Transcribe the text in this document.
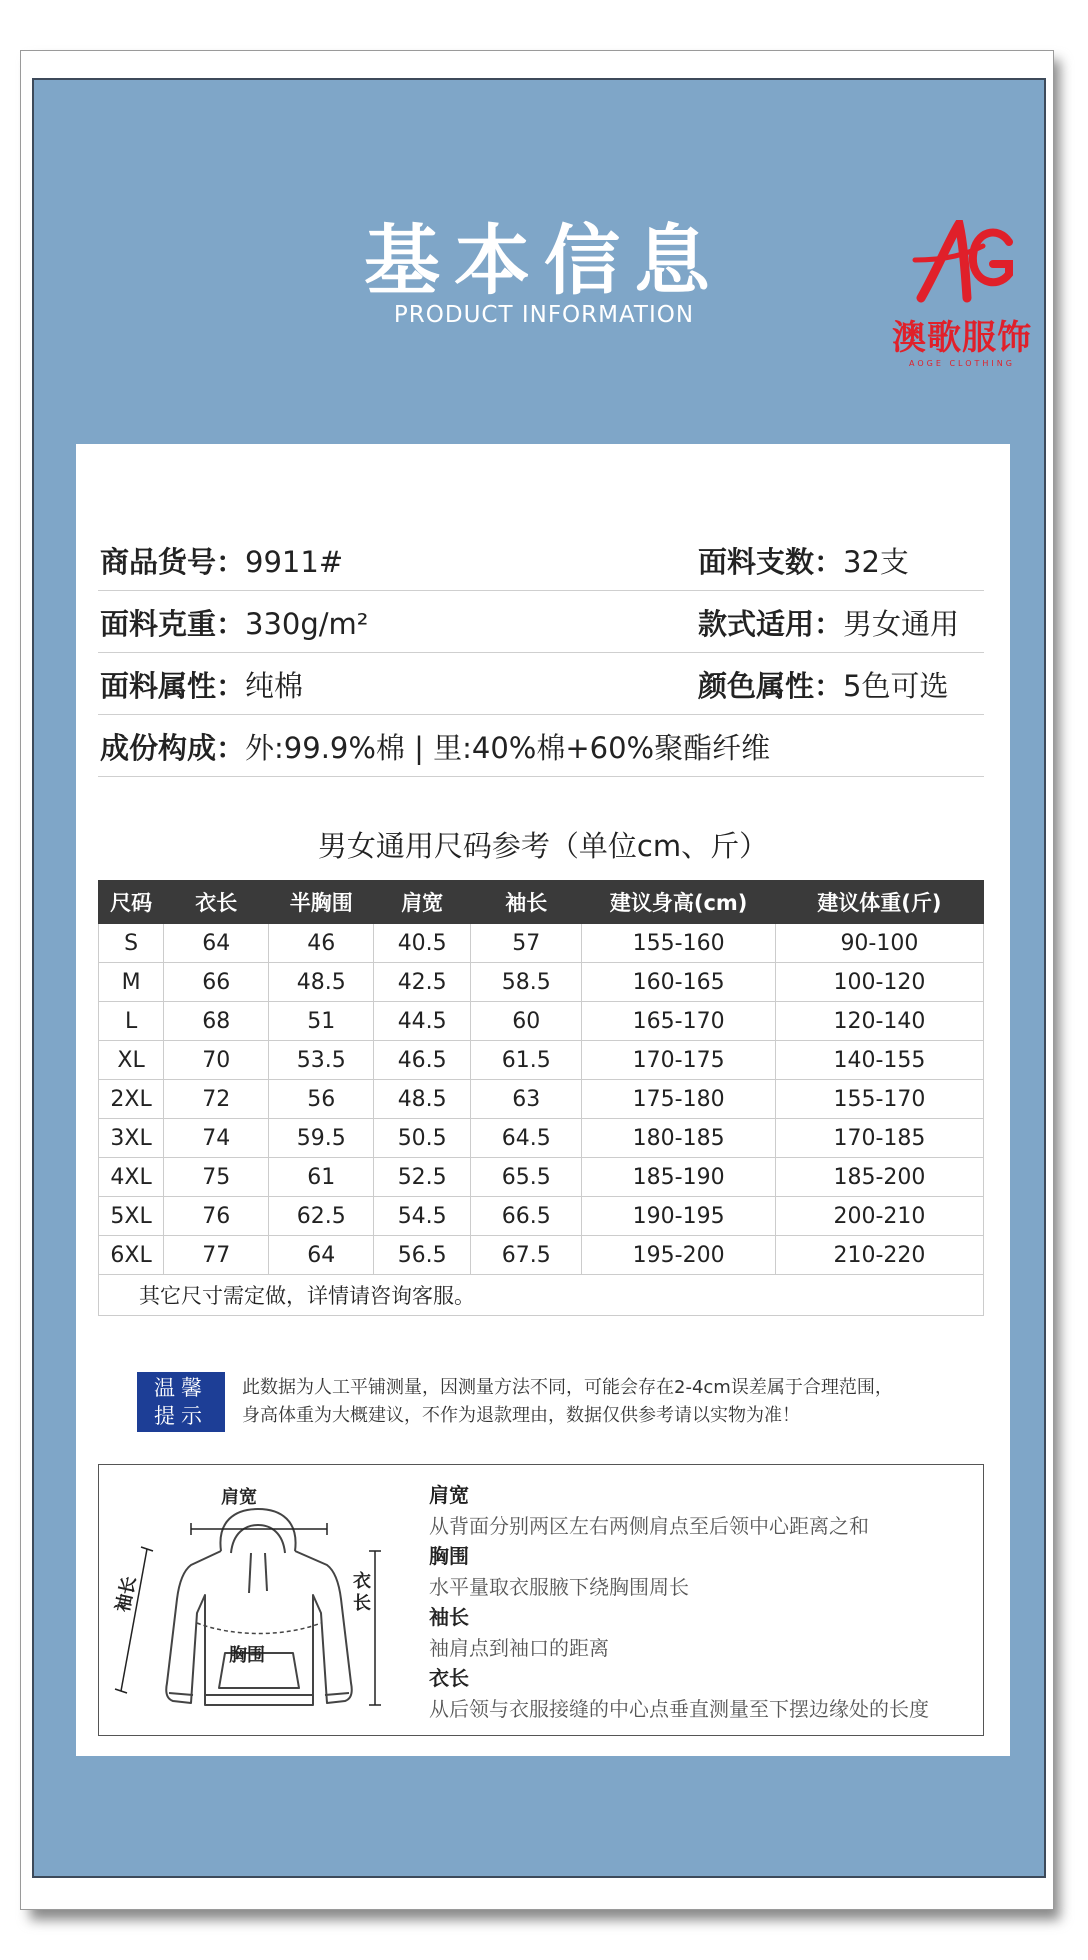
基本信息
PRODUCT INFORMATION
澳歌服饰
AOGE CLOTHING
商品货号：9911#	面料支数：32支
面料克重：330g/m²	款式适用：男女通用
面料属性：纯棉	颜色属性：5色可选
成份构成：外:99.9%棉 | 里:40%棉+60%聚酯纤维
男女通用尺码参考（单位cm、斤）
尺码	衣长	半胸围	肩宽	袖长	建议身高(cm)	建议体重(斤)
S	64	46	40.5	57	155-160	90-100
M	66	48.5	42.5	58.5	160-165	100-120
L	68	51	44.5	60	165-170	120-140
XL	70	53.5	46.5	61.5	170-175	140-155
2XL	72	56	48.5	63	175-180	155-170
3XL	74	59.5	50.5	64.5	180-185	170-185
4XL	75	61	52.5	65.5	185-190	185-200
5XL	76	62.5	54.5	66.5	190-195	200-210
6XL	77	64	56.5	67.5	195-200	210-220
其它尺寸需定做，详情请咨询客服。						
温馨
提示
此数据为人工平铺测量，因测量方法不同，可能会存在2-4cm误差属于合理范围，
身高体重为大概建议，不作为退款理由，数据仅供参考请以实物为准！
肩宽
袖长	衣长
胸围
肩宽
从背面分别两区左右两侧肩点至后领中心距离之和
胸围
水平量取衣服腋下绕胸围周长
袖长
袖肩点到袖口的距离
衣长
从后领与衣服接缝的中心点垂直测量至下摆边缘处的长度
